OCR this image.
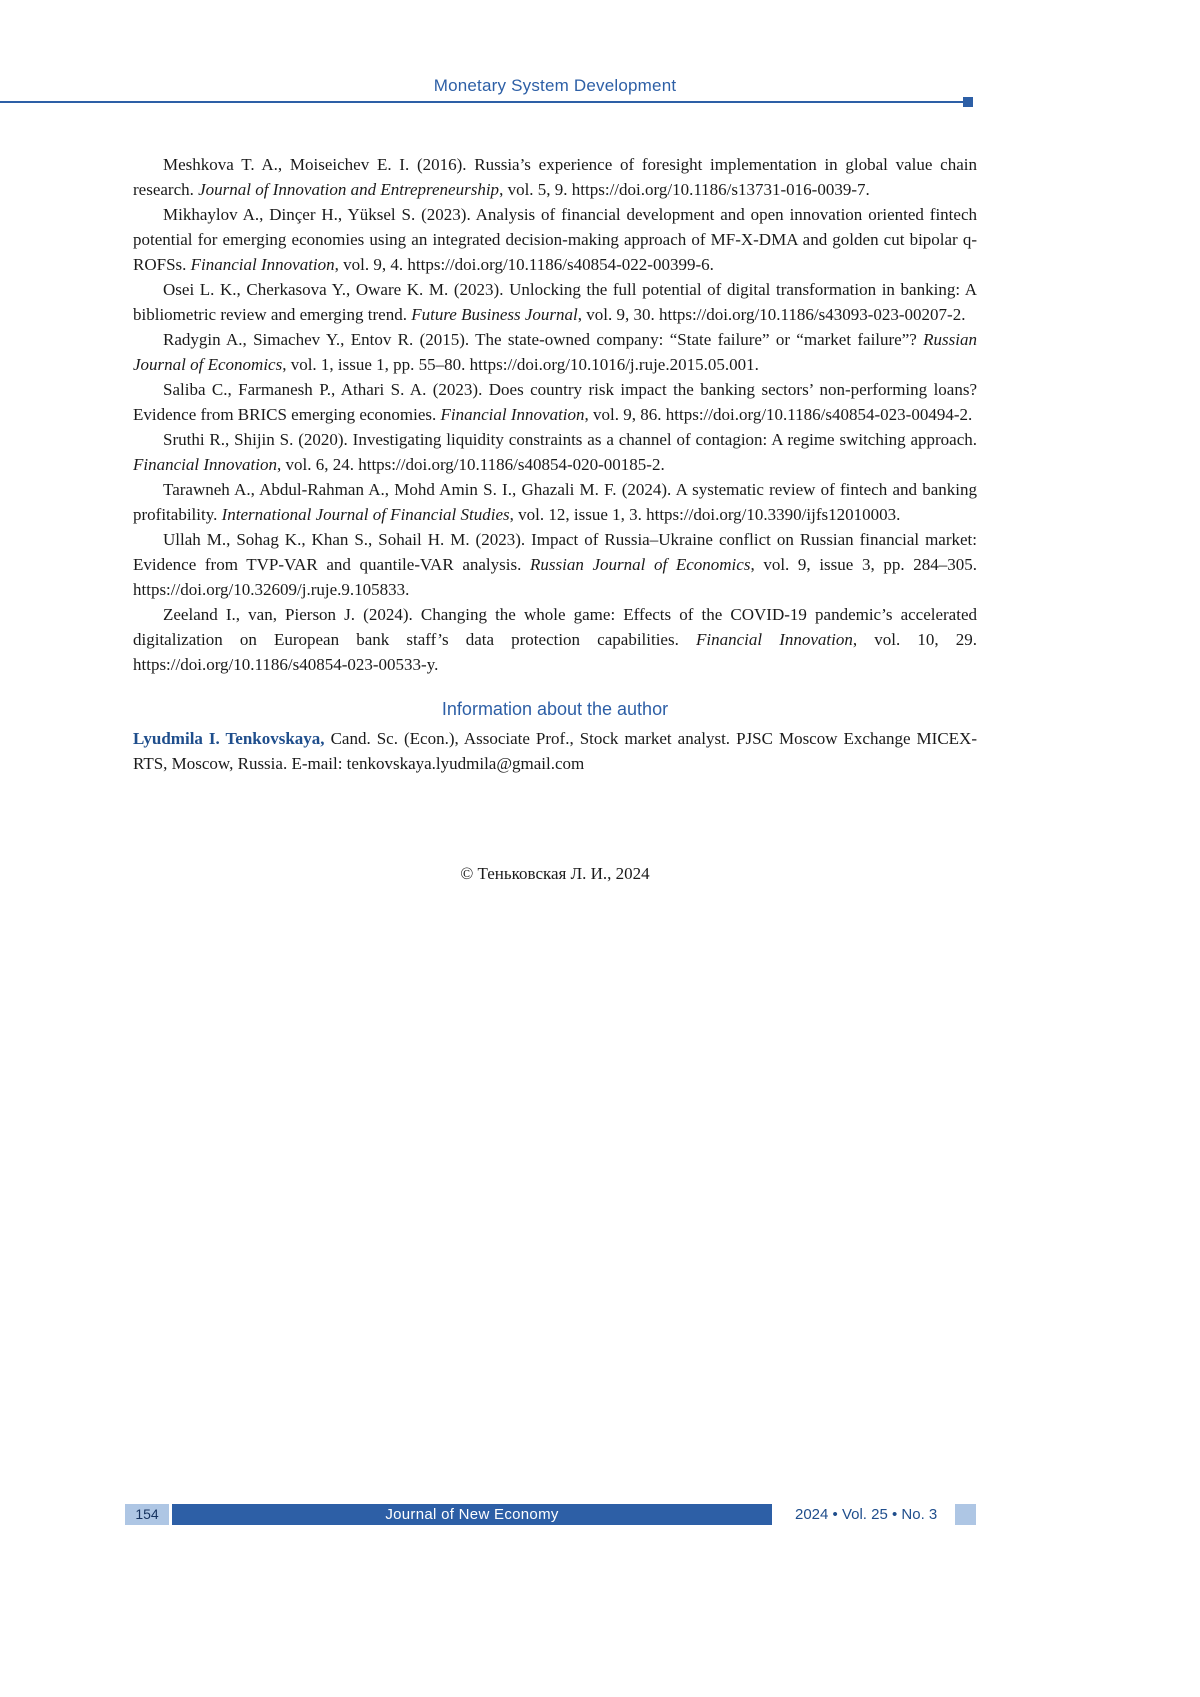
Monetary System Development

Meshkova T. A., Moiseichev E. I. (2016). Russia’s experience of foresight implementation in global value chain research. Journal of Innovation and Entrepreneurship, vol. 5, 9. https://doi.org/10.1186/s13731-016-0039-7.

Mikhaylov A., Dinçer H., Yüksel S. (2023). Analysis of financial development and open innovation oriented fintech potential for emerging economies using an integrated decision-making approach of MF-X-DMA and golden cut bipolar q-ROFSs. Financial Innovation, vol. 9, 4. https://doi.org/10.1186/s40854-022-00399-6.

Osei L. K., Cherkasova Y., Oware K. M. (2023). Unlocking the full potential of digital transformation in banking: A bibliometric review and emerging trend. Future Business Journal, vol. 9, 30. https://doi.org/10.1186/s43093-023-00207-2.

Radygin A., Simachev Y., Entov R. (2015). The state-owned company: “State failure” or “market failure”? Russian Journal of Economics, vol. 1, issue 1, pp. 55–80. https://doi.org/10.1016/j.ruje.2015.05.001.

Saliba C., Farmanesh P., Athari S. A. (2023). Does country risk impact the banking sectors’ non-performing loans? Evidence from BRICS emerging economies. Financial Innovation, vol. 9, 86. https://doi.org/10.1186/s40854-023-00494-2.

Sruthi R., Shijin S. (2020). Investigating liquidity constraints as a channel of contagion: A regime switching approach. Financial Innovation, vol. 6, 24. https://doi.org/10.1186/s40854-020-00185-2.

Tarawneh A., Abdul-Rahman A., Mohd Amin S. I., Ghazali M. F. (2024). A systematic review of fintech and banking profitability. International Journal of Financial Studies, vol. 12, issue 1, 3. https://doi.org/10.3390/ijfs12010003.

Ullah M., Sohag K., Khan S., Sohail H. M. (2023). Impact of Russia–Ukraine conflict on Russian financial market: Evidence from TVP-VAR and quantile-VAR analysis. Russian Journal of Economics, vol. 9, issue 3, pp. 284–305. https://doi.org/10.32609/j.ruje.9.105833.

Zeeland I., van, Pierson J. (2024). Changing the whole game: Effects of the COVID-19 pandemic’s accelerated digitalization on European bank staff’s data protection capabilities. Financial Innovation, vol. 10, 29. https://doi.org/10.1186/s40854-023-00533-y.

Information about the author

Lyudmila I. Tenkovskaya, Cand. Sc. (Econ.), Associate Prof., Stock market analyst. PJSC Moscow Exchange MICEX-RTS, Moscow, Russia. E-mail: tenkovskaya.lyudmila@gmail.com

© Теньковская Л. И., 2024

154	Journal of New Economy	2024 • Vol. 25 • No. 3
